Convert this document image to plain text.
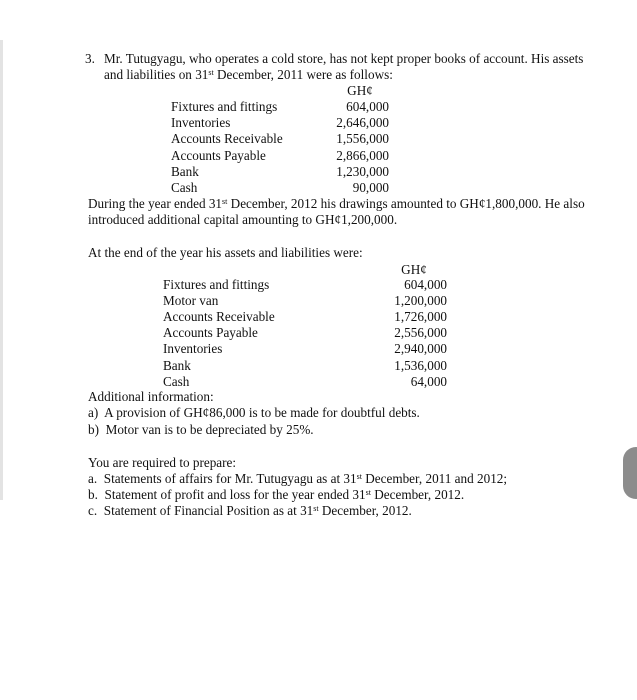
3. Mr. Tutugyagu, who operates a cold store, has not kept proper books of account. His assets
and liabilities on 31st December, 2011 were as follows:
GH¢
Fixtures and fittings	604,000
Inventories	2,646,000
Accounts Receivable	1,556,000
Accounts Payable	2,866,000
Bank	1,230,000
Cash	90,000
During the year ended 31st December, 2012 his drawings amounted to GH¢1,800,000. He also
introduced additional capital amounting to GH¢1,200,000.
At the end of the year his assets and liabilities were:
GH¢
Fixtures and fittings	604,000
Motor van	1,200,000
Accounts Receivable	1,726,000
Accounts Payable	2,556,000
Inventories	2,940,000
Bank	1,536,000
Cash	64,000
Additional information:
a) A provision of GH¢86,000 is to be made for doubtful debts.
b) Motor van is to be depreciated by 25%.
You are required to prepare:
a. Statements of affairs for Mr. Tutugyagu as at 31st December, 2011 and 2012;
b. Statement of profit and loss for the year ended 31st December, 2012.
c. Statement of Financial Position as at 31st December, 2012.
